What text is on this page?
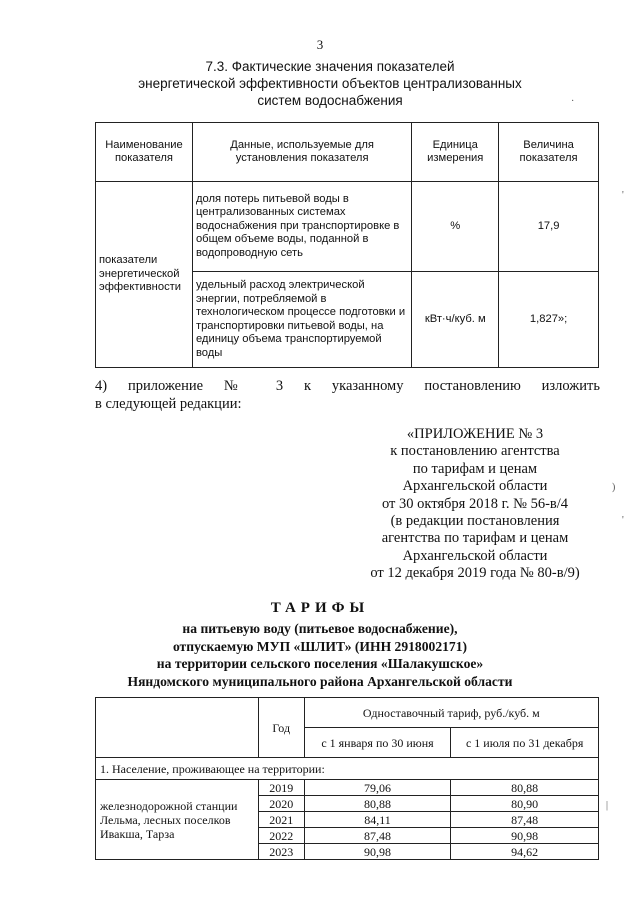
3
7.3. Фактические значения показателей
энергетической эффективности объектов централизованных
систем водоснабжения
Наименование показателя	Данные, используемые для установления показателя	Единица измерения	Величина показателя
показатели энергетической эффективности	доля потерь питьевой воды в централизованных системах водоснабжения при транспортировке в общем объеме воды, поданной в водопроводную сеть	%	17,9
	удельный расход электрической энергии, потребляемой в технологическом процессе подготовки и транспортировки питьевой воды, на единицу объема транспортируемой воды	кВт·ч/куб. м	1,827»;
4) приложение № 3 к указанному постановлению изложить
в следующей редакции:
«ПРИЛОЖЕНИЕ № 3
к постановлению агентства
по тарифам и ценам
Архангельской области
от 30 октября 2018 г. № 56-в/4
(в редакции постановления
агентства по тарифам и ценам
Архангельской области
от 12 декабря 2019 года № 80-в/9)
ТАРИФЫ
на питьевую воду (питьевое водоснабжение),
отпускаемую МУП «ШЛИТ» (ИНН 2918002171)
на территории сельского поселения «Шалакушское»
Няндомского муниципального района Архангельской области
	Год	Одноставочный тариф, руб./куб. м	
		с 1 января по 30 июня	с 1 июля по 31 декабря
1. Население, проживающее на территории:			
железнодорожной станции Лельма, лесных поселков Ивакша, Тарза	2019	79,06	80,88
	2020	80,88	80,90
	2021	84,11	87,48
	2022	87,48	90,98
	2023	90,98	94,62
·
'
)
'
|
